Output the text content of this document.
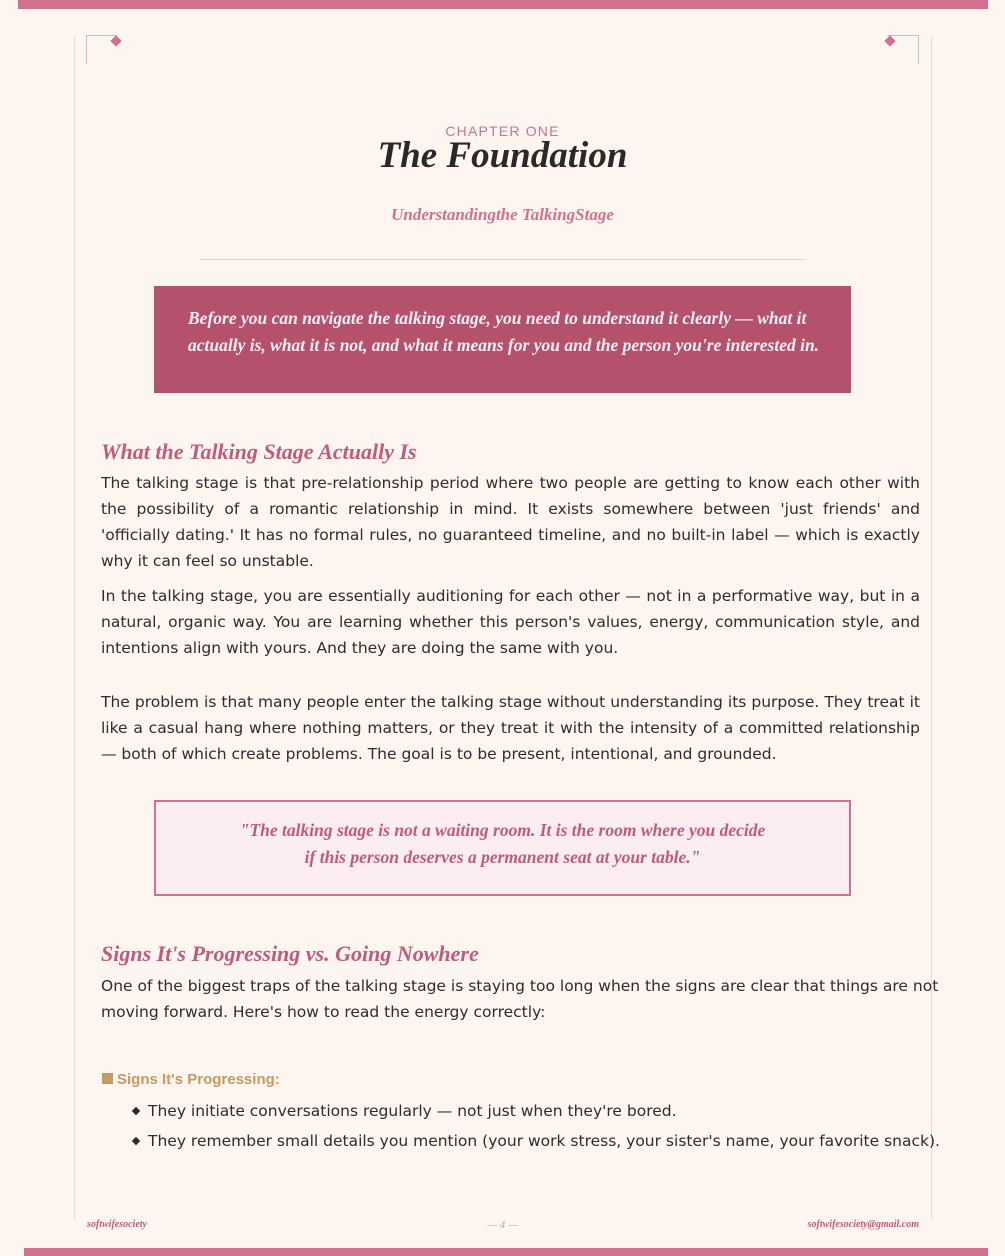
CHAPTER ONE
The Foundation
Understandingthe TalkingStage
Before you can navigate the talking stage, you need to understand it clearly — what it actually is, what it is not, and what it means for you and the person you're interested in.
What the Talking Stage Actually Is
The talking stage is that pre-relationship period where two people are getting to know each other with the possibility of a romantic relationship in mind. It exists somewhere between 'just friends' and 'officially dating.' It has no formal rules, no guaranteed timeline, and no built-in label — which is exactly why it can feel so unstable.
In the talking stage, you are essentially auditioning for each other — not in a performative way, but in a natural, organic way. You are learning whether this person's values, energy, communication style, and intentions align with yours. And they are doing the same with you.
The problem is that many people enter the talking stage without understanding its purpose. They treat it like a casual hang where nothing matters, or they treat it with the intensity of a committed relationship — both of which create problems. The goal is to be present, intentional, and grounded.
"The talking stage is not a waiting room. It is the room where you decide
if this person deserves a permanent seat at your table."
Signs It's Progressing vs. Going Nowhere
One of the biggest traps of the talking stage is staying too long when the signs are clear that things are not moving forward. Here's how to read the energy correctly:
Signs It's Progressing:
They initiate conversations regularly — not just when they're bored.
They remember small details you mention (your work stress, your sister's name, your favorite snack).
softwifesociety	— 4 —	softwifesociety@gmail.com
